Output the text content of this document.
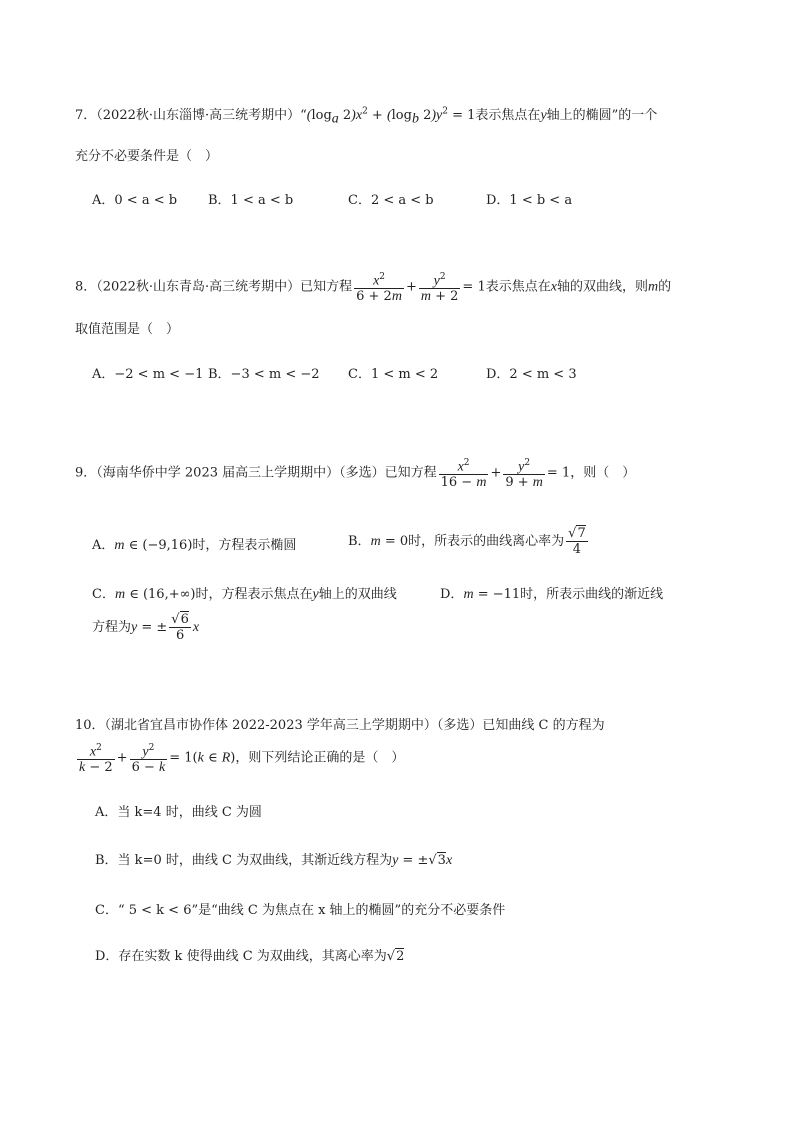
7．（2022秋·山东淄博·高三统考期中）“($\log_a$ $2)x^2 + (\log_b$ $2)y^2 = 1$表示焦点在y轴上的椭圆”的一个
充分不必要条件是（　）
A．0 < a < b B．1 < a < b	C．2 < a < b	D．1 < b < a
8．（2022秋·山东青岛·高三统考期中）已知方程 $\frac{x^2}{6 + 2m} + \frac{y^2}{m + 2} = 1$表示焦点在x轴的双曲线，则m的
取值范围是（　）
A．−2 < m < −1 B．−3 < m < −2 C．1 < m < 2	D．2 < m < 3
9．（海南华侨中学 2023 届高三上学期期中）（多选）已知方程 $\frac{x^2}{16 - m} + \frac{y^2}{9 + m} = 1$，则（　）
A．m ∈ (−9,16)时，方程表示椭圆	B．m = 0时，所表示的曲线离心率为 $\frac{√7}{4}$
C．m ∈ (16,+∞)时，方程表示焦点在y轴上的双曲线	D．m = −11时，所表示曲线的渐近线
方程为y = ± $\frac{√6}{6}$ x
10．（湖北省宜昌市协作体 2022-2023 学年高三上学期期中）（多选）已知曲线 C 的方程为
$\frac{x^2}{k - 2} + \frac{y^2}{6 - k} = 1(k$ ∈ R)，则下列结论正确的是（　）
A．当 k=4 时，曲线 C 为圆
B．当 k=0 时，曲线 C 为双曲线，其渐近线方程为y = ±√3x
C．“ 5 < k < 6”是“曲线 C 为焦点在 x 轴上的椭圆”的充分不必要条件
D．存在实数 k 使得曲线 C 为双曲线，其离心率为√2
